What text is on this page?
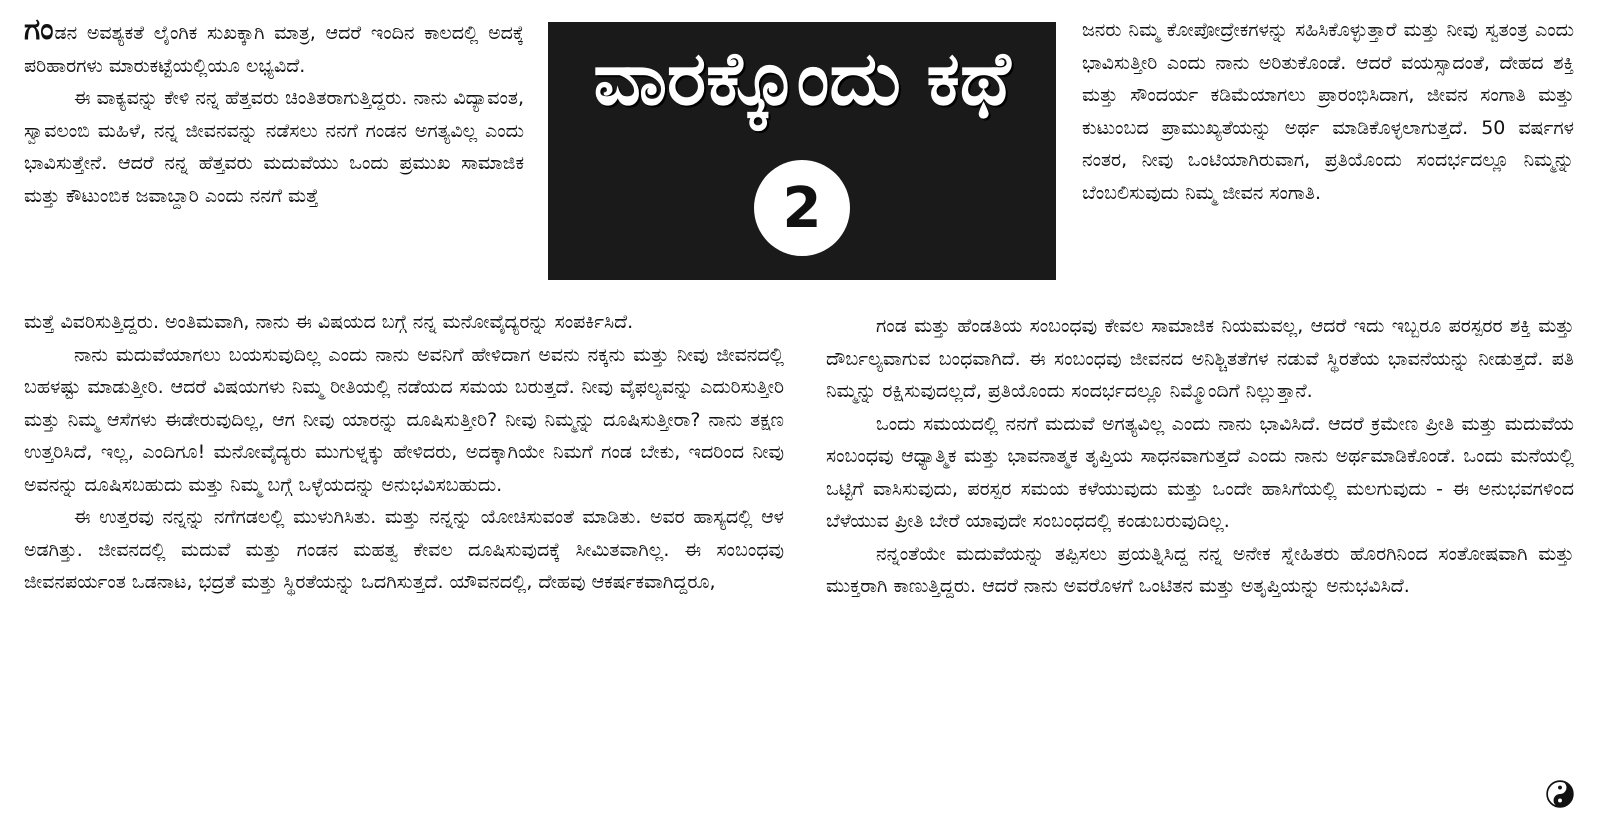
ಗಂಡನ ಅವಶ್ಯಕತೆ ಲೈಂಗಿಕ ಸುಖಕ್ಕಾಗಿ ಮಾತ್ರ, ಆದರೆ ಇಂದಿನ ಕಾಲದಲ್ಲಿ ಅದಕ್ಕೆ ಪರಿಹಾರಗಳು ಮಾರುಕಟ್ಟೆಯಲ್ಲಿಯೂ ಲಭ್ಯವಿದೆ.

ಈ ವಾಕ್ಯವನ್ನು ಕೇಳಿ ನನ್ನ ಹೆತ್ತವರು ಚಿಂತಿತರಾಗುತ್ತಿದ್ದರು. ನಾನು ವಿದ್ಯಾವಂತ, ಸ್ವಾವಲಂಬಿ ಮಹಿಳೆ, ನನ್ನ ಜೀವನವನ್ನು ನಡೆಸಲು ನನಗೆ ಗಂಡನ ಅಗತ್ಯವಿಲ್ಲ ಎಂದು ಭಾವಿಸುತ್ತೇನೆ. ಆದರೆ ನನ್ನ ಹೆತ್ತವರು ಮದುವೆಯು ಒಂದು ಪ್ರಮುಖ ಸಾಮಾಜಿಕ ಮತ್ತು ಕೌಟುಂಬಿಕ ಜವಾಬ್ದಾರಿ ಎಂದು ನನಗೆ ಮತ್ತೆ

ವಾರಕ್ಕೊಂದು ಕಥೆ
2

ಜನರು ನಿಮ್ಮ ಕೋಪೋದ್ರೇಕಗಳನ್ನು ಸಹಿಸಿಕೊಳ್ಳುತ್ತಾರೆ ಮತ್ತು ನೀವು ಸ್ವತಂತ್ರ ಎಂದು ಭಾವಿಸುತ್ತೀರಿ ಎಂದು ನಾನು ಅರಿತುಕೊಂಡೆ. ಆದರೆ ವಯಸ್ಸಾದಂತೆ, ದೇಹದ ಶಕ್ತಿ ಮತ್ತು ಸೌಂದರ್ಯ ಕಡಿಮೆಯಾಗಲು ಪ್ರಾರಂಭಿಸಿದಾಗ, ಜೀವನ ಸಂಗಾತಿ ಮತ್ತು ಕುಟುಂಬದ ಪ್ರಾಮುಖ್ಯತೆಯನ್ನು ಅರ್ಥ ಮಾಡಿಕೊಳ್ಳಲಾಗುತ್ತದೆ. 50 ವರ್ಷಗಳ ನಂತರ, ನೀವು ಒಂಟಿಯಾಗಿರುವಾಗ, ಪ್ರತಿಯೊಂದು ಸಂದರ್ಭದಲ್ಲೂ ನಿಮ್ಮನ್ನು ಬೆಂಬಲಿಸುವುದು ನಿಮ್ಮ ಜೀವನ ಸಂಗಾತಿ.

ಮತ್ತೆ ವಿವರಿಸುತ್ತಿದ್ದರು. ಅಂತಿಮವಾಗಿ, ನಾನು ಈ ವಿಷಯದ ಬಗ್ಗೆ ನನ್ನ ಮನೋವೈದ್ಯರನ್ನು ಸಂಪರ್ಕಿಸಿದೆ.

ನಾನು ಮದುವೆಯಾಗಲು ಬಯಸುವುದಿಲ್ಲ ಎಂದು ನಾನು ಅವನಿಗೆ ಹೇಳಿದಾಗ ಅವನು ನಕ್ಕನು ಮತ್ತು ನೀವು ಜೀವನದಲ್ಲಿ ಬಹಳಷ್ಟು ಮಾಡುತ್ತೀರಿ. ಆದರೆ ವಿಷಯಗಳು ನಿಮ್ಮ ರೀತಿಯಲ್ಲಿ ನಡೆಯದ ಸಮಯ ಬರುತ್ತದೆ. ನೀವು ವೈಫಲ್ಯವನ್ನು ಎದುರಿಸುತ್ತೀರಿ ಮತ್ತು ನಿಮ್ಮ ಆಸೆಗಳು ಈಡೇರುವುದಿಲ್ಲ, ಆಗ ನೀವು ಯಾರನ್ನು ದೂಷಿಸುತ್ತೀರಿ? ನೀವು ನಿಮ್ಮನ್ನು ದೂಷಿಸುತ್ತೀರಾ? ನಾನು ತಕ್ಷಣ ಉತ್ತರಿಸಿದೆ, ಇಲ್ಲ, ಎಂದಿಗೂ! ಮನೋವೈದ್ಯರು ಮುಗುಳ್ನಕ್ಕು ಹೇಳಿದರು, ಅದಕ್ಕಾಗಿಯೇ ನಿಮಗೆ ಗಂಡ ಬೇಕು, ಇದರಿಂದ ನೀವು ಅವನನ್ನು ದೂಷಿಸಬಹುದು ಮತ್ತು ನಿಮ್ಮ ಬಗ್ಗೆ ಒಳ್ಳೆಯದನ್ನು ಅನುಭವಿಸಬಹುದು.

ಈ ಉತ್ತರವು ನನ್ನನ್ನು ನಗೆಗಡಲಲ್ಲಿ ಮುಳುಗಿಸಿತು. ಮತ್ತು ನನ್ನನ್ನು ಯೋಚಿಸುವಂತೆ ಮಾಡಿತು. ಅವರ ಹಾಸ್ಯದಲ್ಲಿ ಆಳ ಅಡಗಿತ್ತು. ಜೀವನದಲ್ಲಿ ಮದುವೆ ಮತ್ತು ಗಂಡನ ಮಹತ್ವ ಕೇವಲ ದೂಷಿಸುವುದಕ್ಕೆ ಸೀಮಿತವಾಗಿಲ್ಲ. ಈ ಸಂಬಂಧವು ಜೀವನಪರ್ಯಂತ ಒಡನಾಟ, ಭದ್ರತೆ ಮತ್ತು ಸ್ಥಿರತೆಯನ್ನು ಒದಗಿಸುತ್ತದೆ. ಯೌವನದಲ್ಲಿ, ದೇಹವು ಆಕರ್ಷಕವಾಗಿದ್ದರೂ,

ಗಂಡ ಮತ್ತು ಹೆಂಡತಿಯ ಸಂಬಂಧವು ಕೇವಲ ಸಾಮಾಜಿಕ ನಿಯಮವಲ್ಲ, ಆದರೆ ಇದು ಇಬ್ಬರೂ ಪರಸ್ಪರರ ಶಕ್ತಿ ಮತ್ತು ದೌರ್ಬಲ್ಯವಾಗುವ ಬಂಧವಾಗಿದೆ. ಈ ಸಂಬಂಧವು ಜೀವನದ ಅನಿಶ್ಚಿತತೆಗಳ ನಡುವೆ ಸ್ಥಿರತೆಯ ಭಾವನೆಯನ್ನು ನೀಡುತ್ತದೆ. ಪತಿ ನಿಮ್ಮನ್ನು ರಕ್ಷಿಸುವುದಲ್ಲದೆ, ಪ್ರತಿಯೊಂದು ಸಂದರ್ಭದಲ್ಲೂ ನಿಮ್ಮೊಂದಿಗೆ ನಿಲ್ಲುತ್ತಾನೆ.

ಒಂದು ಸಮಯದಲ್ಲಿ ನನಗೆ ಮದುವೆ ಅಗತ್ಯವಿಲ್ಲ ಎಂದು ನಾನು ಭಾವಿಸಿದೆ. ಆದರೆ ಕ್ರಮೇಣ ಪ್ರೀತಿ ಮತ್ತು ಮದುವೆಯ ಸಂಬಂಧವು ಆಧ್ಯಾತ್ಮಿಕ ಮತ್ತು ಭಾವನಾತ್ಮಕ ತೃಪ್ತಿಯ ಸಾಧನವಾಗುತ್ತದೆ ಎಂದು ನಾನು ಅರ್ಥಮಾಡಿಕೊಂಡೆ. ಒಂದು ಮನೆಯಲ್ಲಿ ಒಟ್ಟಿಗೆ ವಾಸಿಸುವುದು, ಪರಸ್ಪರ ಸಮಯ ಕಳೆಯುವುದು ಮತ್ತು ಒಂದೇ ಹಾಸಿಗೆಯಲ್ಲಿ ಮಲಗುವುದು - ಈ ಅನುಭವಗಳಿಂದ ಬೆಳೆಯುವ ಪ್ರೀತಿ ಬೇರೆ ಯಾವುದೇ ಸಂಬಂಧದಲ್ಲಿ ಕಂಡುಬರುವುದಿಲ್ಲ.

ನನ್ನಂತೆಯೇ ಮದುವೆಯನ್ನು ತಪ್ಪಿಸಲು ಪ್ರಯತ್ನಿಸಿದ್ದ ನನ್ನ ಅನೇಕ ಸ್ನೇಹಿತರು ಹೊರಗಿನಿಂದ ಸಂತೋಷವಾಗಿ ಮತ್ತು ಮುಕ್ತರಾಗಿ ಕಾಣುತ್ತಿದ್ದರು. ಆದರೆ ನಾನು ಅವರೊಳಗೆ ಒಂಟಿತನ ಮತ್ತು ಅತೃಪ್ತಿಯನ್ನು ಅನುಭವಿಸಿದೆ.
